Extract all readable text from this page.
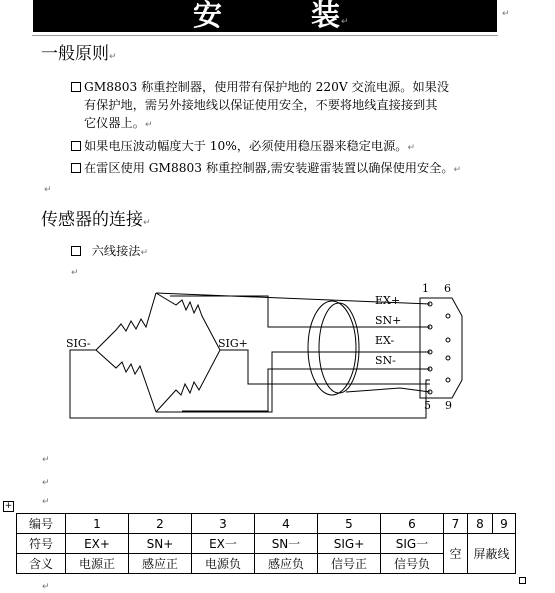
安	装 ↵
↵
一般原则↵
GM8803 称重控制器，使用带有保护地的 220V 交流电源。如果没
有保护地，需另外接地线以保证使用安全，不要将地线直接接到其
它仪器上。↵
如果电压波动幅度大于 10%，必须使用稳压器来稳定电源。↵
在雷区使用 GM8803 称重控制器,需安装避雷装置以确保使用安全。↵
↵
传感器的连接↵
六线接法↵
↵
SIG-	SIG+
EX+
SN+
EX-
SN-
1 6
5 9
↵
↵
↵
+
编号	1	2	3	4	5	6	7	8	9
符号	EX+	SN+	EX一	SN一	SIG+	SIG一	空	屏蔽线	
含义	电源正	感应正	电源负	感应负	信号正	信号负			
↵
